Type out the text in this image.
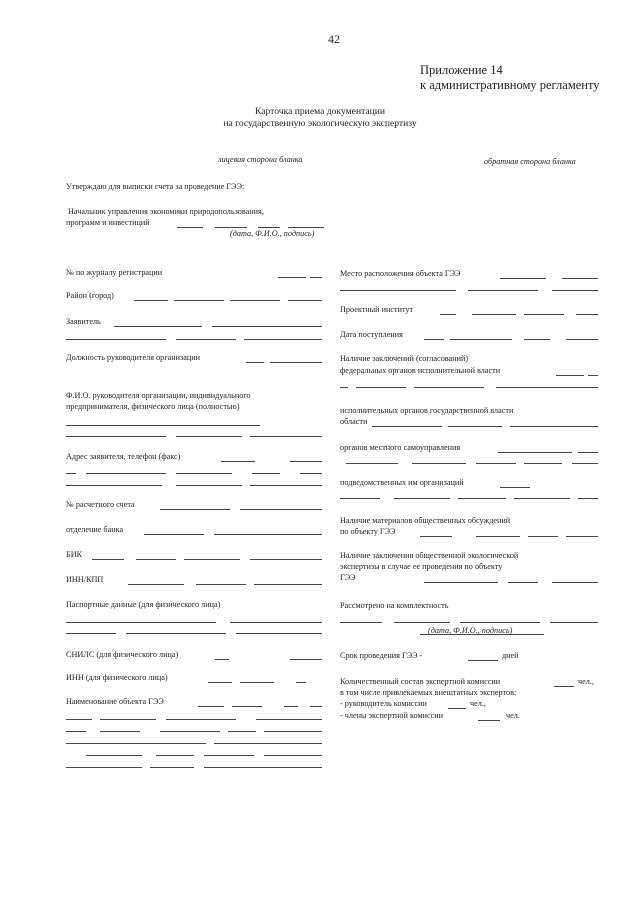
42
Приложение 14
к административному регламенту
Карточка приема документации
на государственную экологическую экспертизу
лицевая сторона бланка	обратная сторона бланка
Утверждаю для выписки счета за проведение ГЭЭ:
Начальник управления экономики природопользования,
программ и инвестиций
(дата, Ф.И.О., подпись)
№ по журналу регистрации
Район (город)
Заявитель
Должность руководителя организации
Ф.И.О. руководителя организации, индивидуального
предпринимателя, физического лица (полностью)
Адрес заявителя, телефон (факс)
№ расчетного счета
отделение банка
БИК
ИНН/КПП
Паспортные данные (для физического лица)
СНИЛС (для физического лица)
ИНН (для физического лица)
Наименование объекта ГЭЭ
Место расположения объекта ГЭЭ
Проектный институт
Дата поступления
Наличие заключений (согласований)
федеральных органов исполнительной власти
исполнительных органов государственной власти
области
органов местного самоуправления
подведомственных им организаций
Наличие материалов общественных обсуждений
по объекту ГЭЭ
Наличие заключения общественной экологической
экспертизы в случае ее проведения по объекту
ГЭЭ
Рассмотрено на комплектность
(дата, Ф.И.О., подпись)
Срок проведения ГЭЭ -	дней
Количественный состав экспертной комиссии	чел.,
в том числе привлекаемых внештатных экспертов:
- руководитель комиссии	чел.,
- члены экспертной комиссии	чел.
